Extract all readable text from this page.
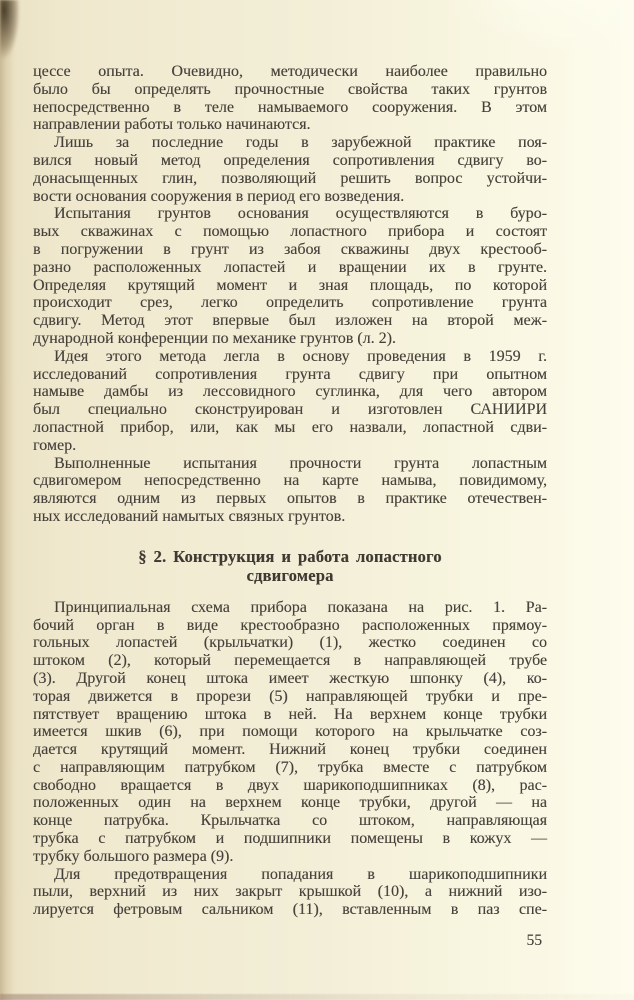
цессе опыта. Очевидно, методически наиболее правильно
было бы определять прочностные свойства таких грунтов
непосредственно в теле намываемого сооружения. В этом
направлении работы только начинаются.
Лишь за последние годы в зарубежной практике поя-
вился новый метод определения сопротивления сдвигу во-
донасыщенных глин, позволяющий решить вопрос устойчи-
вости основания сооружения в период его возведения.
Испытания грунтов основания осуществляются в буро-
вых скважинах с помощью лопастного прибора и состоят
в погружении в грунт из забоя скважины двух крестооб-
разно расположенных лопастей и вращении их в грунте.
Определяя крутящий момент и зная площадь, по которой
происходит срез, легко определить сопротивление грунта
сдвигу. Метод этот впервые был изложен на второй меж-
дународной конференции по механике грунтов (л. 2).
Идея этого метода легла в основу проведения в 1959 г.
исследований сопротивления грунта сдвигу при опытном
намыве дамбы из лессовидного суглинка, для чего автором
был специально сконструирован и изготовлен САНИИРИ
лопастной прибор, или, как мы его назвали, лопастной сдви-
гомер.
Выполненные испытания прочности грунта лопастным
сдвигомером непосредственно на карте намыва, повидимому,
являются одним из первых опытов в практике отечествен-
ных исследований намытых связных грунтов.
§ 2. Конструкция и работа лопастного
сдвигомера
Принципиальная схема прибора показана на рис. 1. Ра-
бочий орган в виде крестообразно расположенных прямоу-
гольных лопастей (крыльчатки) (1), жестко соединен со
штоком (2), который перемещается в направляющей трубе
(3). Другой конец штока имеет жесткую шпонку (4), ко-
торая движется в прорези (5) направляющей трубки и пре-
пятствует вращению штока в ней. На верхнем конце трубки
имеется шкив (6), при помощи которого на крыльчатке соз-
дается крутящий момент. Нижний конец трубки соединен
с направляющим патрубком (7), трубка вместе с патрубком
свободно вращается в двух шарикоподшипниках (8), рас-
положенных один на верхнем конце трубки, другой — на
конце патрубка. Крыльчатка со штоком, направляющая
трубка с патрубком и подшипники помещены в кожух —
трубку большого размера (9).
Для предотвращения попадания в шарикоподшипники
пыли, верхний из них закрыт крышкой (10), а нижний изо-
лируется фетровым сальником (11), вставленным в паз спе-
55
